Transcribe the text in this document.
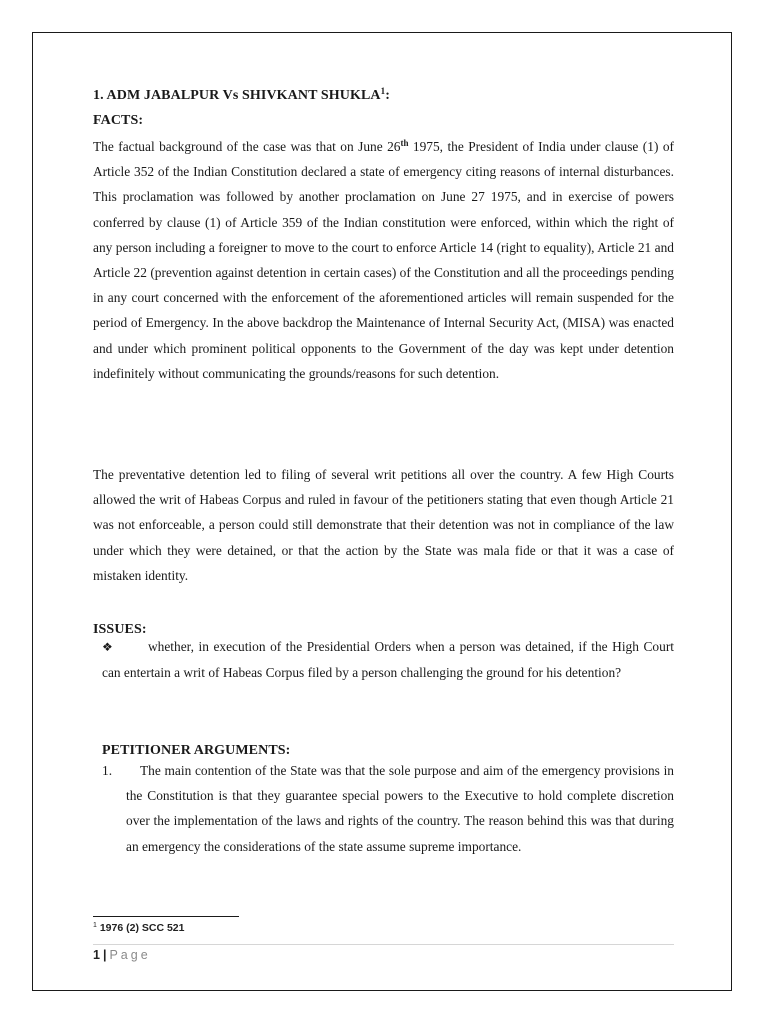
1. ADM JABALPUR Vs SHIVKANT SHUKLA$^1$:
FACTS:

The factual background of the case was that on June 26th 1975, the President of India under clause (1) of Article 352 of the Indian Constitution declared a state of emergency citing reasons of internal disturbances. This proclamation was followed by another proclamation on June 27 1975, and in exercise of powers conferred by clause (1) of Article 359 of the Indian constitution were enforced, within which the right of any person including a foreigner to move to the court to enforce Article 14 (right to equality), Article 21 and Article 22 (prevention against detention in certain cases) of the Constitution and all the proceedings pending in any court concerned with the enforcement of the aforementioned articles will remain suspended for the period of Emergency. In the above backdrop the Maintenance of Internal Security Act, (MISA) was enacted and under which prominent political opponents to the Government of the day was kept under detention indefinitely without communicating the grounds/reasons for such detention.

The preventative detention led to filing of several writ petitions all over the country. A few High Courts allowed the writ of Habeas Corpus and ruled in favour of the petitioners stating that even though Article 21 was not enforceable, a person could still demonstrate that their detention was not in compliance of the law under which they were detained, or that the action by the State was mala fide or that it was a case of mistaken identity.

ISSUES:

❖	whether, in execution of the Presidential Orders when a person was detained, if the High Court can entertain a writ of Habeas Corpus filed by a person challenging the ground for his detention?

PETITIONER ARGUMENTS:
1.	The main contention of the State was that the sole purpose and aim of the emergency provisions in the Constitution is that they guarantee special powers to the Executive to hold complete discretion over the implementation of the laws and rights of the country. The reason behind this was that during an emergency the considerations of the state assume supreme importance.

$^1$ 1976 (2) SCC 521
1 | Page
